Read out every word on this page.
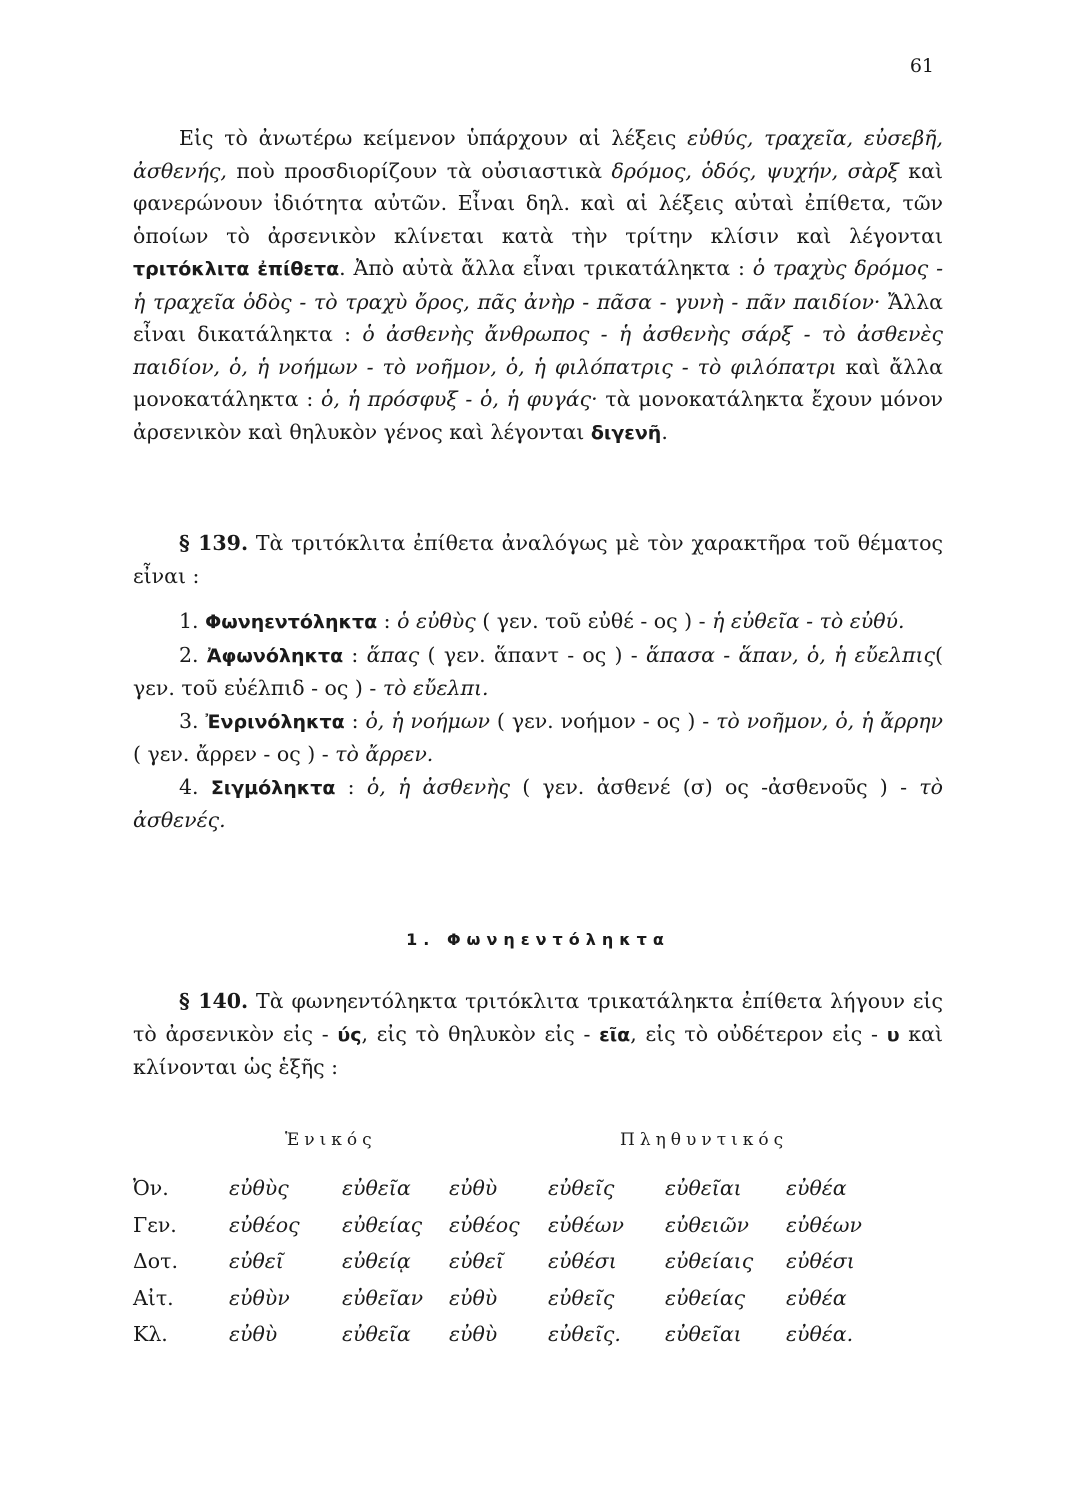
61

Εἰς τὸ ἀνωτέρω κείμενον ὑπάρχουν αἱ λέξεις εὐθύς, τραχεῖα, εὐσεβῆ, ἀσθενής, ποὺ προσδιορίζουν τὰ οὐσιαστικὰ δρόμος, ὁδός, ψυχήν, σὰρξ καὶ φανερώνουν ἰδιότητα αὐτῶν. Εἶναι δηλ. καὶ αἱ λέξεις αὐταὶ ἐπίθετα, τῶν ὁποίων τὸ ἀρσενικὸν κλίνεται κατὰ τὴν τρίτην κλίσιν καὶ λέγονται τριτόκλιτα ἐπίθετα. Ἀπὸ αὐτὰ ἄλλα εἶναι τρικατάληκτα : ὁ τραχὺς δρόμος - ἡ τραχεῖα ὁδὸς - τὸ τραχὺ ὄρος, πᾶς ἀνὴρ - πᾶσα - γυνὴ - πᾶν παιδίον· Ἄλλα εἶναι δικατάληκτα : ὁ ἀσθενὴς ἄνθρωπος - ἡ ἀσθενὴς σάρξ - τὸ ἀσθενὲς παιδίον, ὁ, ἡ νοήμων - τὸ νοῆμον, ὁ, ἡ φιλόπατρις - τὸ φιλόπατρι καὶ ἄλλα μονοκατάληκτα : ὁ, ἡ πρόσφυξ - ὁ, ἡ φυγάς· τὰ μονοκατάληκτα ἔχουν μόνον ἀρσενικὸν καὶ θηλυκὸν γένος καὶ λέγονται διγενῆ.

§ 139. Τὰ τριτόκλιτα ἐπίθετα ἀναλόγως μὲ τὸν χαρακτῆρα τοῦ θέματος εἶναι :

1. Φωνηεντόληκτα : ὁ εὐθὺς ( γεν. τοῦ εὐθέ - ος ) - ἡ εὐθεῖα - τὸ εὐθύ.

2. Ἀφωνόληκτα : ἅπας ( γεν. ἅπαντ - ος ) - ἅπασα - ἅπαν, ὁ, ἡ εὔελπις( γεν. τοῦ εὐέλπιδ - ος ) - τὸ εὔελπι.

3. Ἐνρινόληκτα : ὁ, ἡ νοήμων ( γεν. νοήμον - ος ) - τὸ νοῆμον, ὁ, ἡ ἄρρην ( γεν. ἄρρεν - ος ) - τὸ ἄρρεν.

4. Σιγμόληκτα : ὁ, ἡ ἀσθενὴς ( γεν. ἀσθενέ (σ) ος -ἀσθενοῦς ) - τὸ ἀσθενές.

1. Φωνηεντόληκτα

§ 140. Τὰ φωνηεντόληκτα τριτόκλιτα τρικατάληκτα ἐπίθετα λήγουν εἰς τὸ ἀρσενικὸν εἰς - ύς, εἰς τὸ θηλυκὸν εἰς - εῖα, εἰς τὸ οὐδέτερον εἰς - υ καὶ κλίνονται ὡς ἑξῆς :

Ἑνικός	Πληθυντικός
Ὀν.	εὐθὺς	εὐθεῖα	εὐθὺ	εὐθεῖς	εὐθεῖαι	εὐθέα
Γεν.	εὐθέος	εὐθείας	εὐθέος	εὐθέων	εὐθειῶν	εὐθέων
Δοτ.	εὐθεῖ	εὐθείᾳ	εὐθεῖ	εὐθέσι	εὐθείαις	εὐθέσι
Αἰτ.	εὐθὺν	εὐθεῖαν	εὐθὺ	εὐθεῖς	εὐθείας	εὐθέα
Κλ.	εὐθὺ	εὐθεῖα	εὐθὺ	εὐθεῖς.	εὐθεῖαι	εὐθέα.
